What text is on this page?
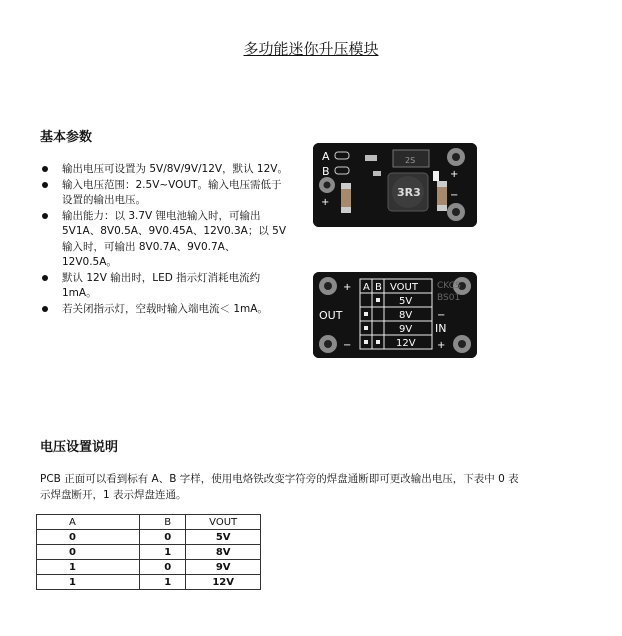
多功能迷你升压模块
基本参数
输出电压可设置为 5V/8V/9V/12V，默认 12V。
输入电压范围：2.5V~VOUT。输入电压需低于设置的输出电压。
输出能力：以 3.7V 锂电池输入时，可输出 5V1A、8V0.5A、9V0.45A、12V0.3A；以 5V 输入时，可输出 8V0.7A、9V0.7A、12V0.5A。
默认 12V 输出时，LED 指示灯消耗电流约 1mA。
若关闭指示灯，空载时输入端电流＜ 1mA。
A
B
2S
3R3
+
−
+
+
−
−
+
OUT
IN
CKCS
BS01
A B VOUT
5V
8V
9V
12V
电压设置说明
PCB 正面可以看到标有 A、B 字样，使用电烙铁改变字符旁的焊盘通断即可更改输出电压，下表中 0 表示焊盘断开，1 表示焊盘连通。
A	B	VOUT
0	0	5V
0	1	8V
1	0	9V
1	1	12V
